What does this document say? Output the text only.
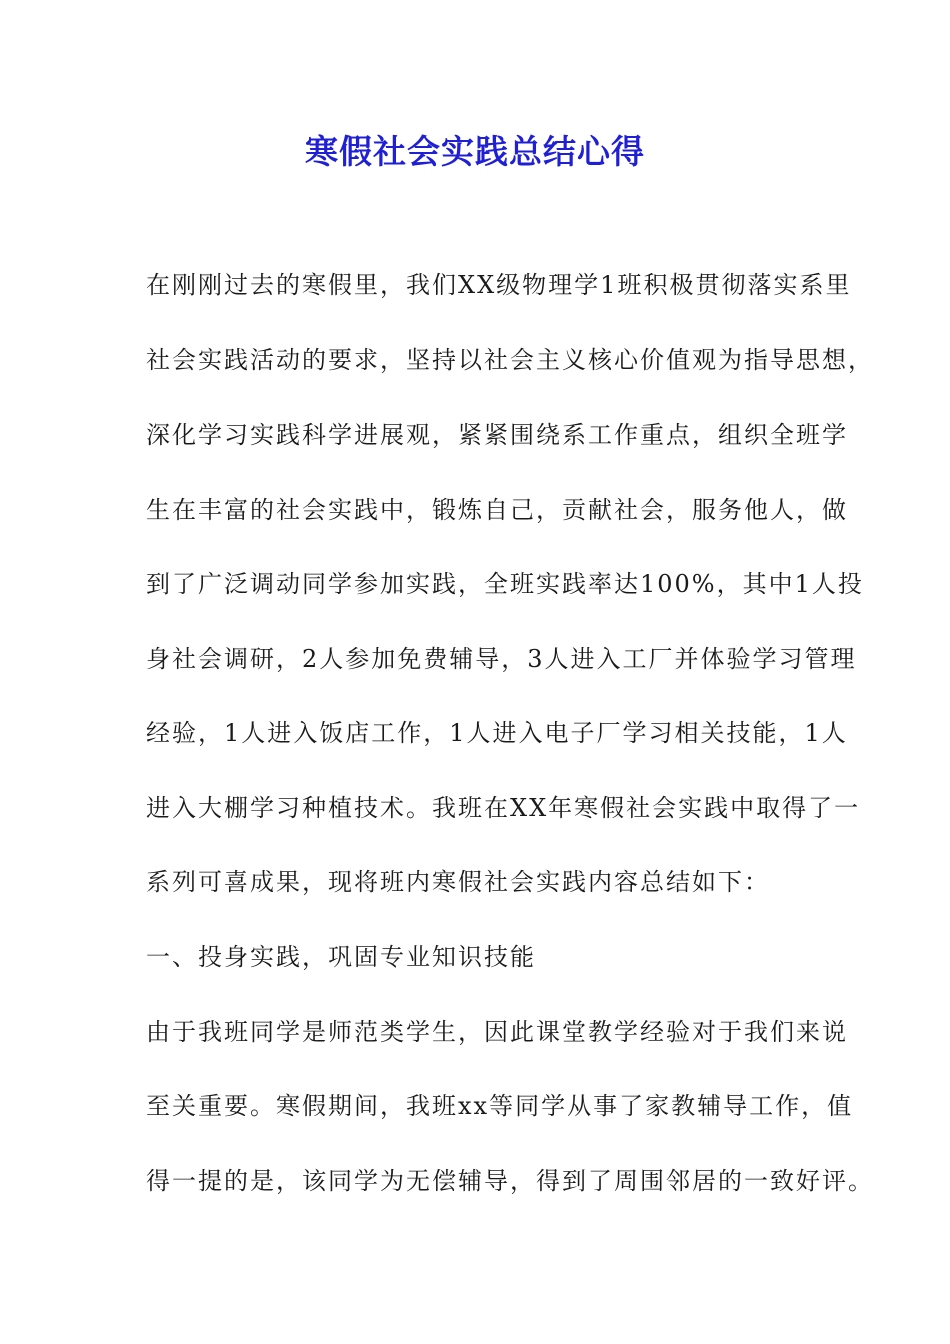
寒假社会实践总结心得
在刚刚过去的寒假里，我们XX级物理学1班积极贯彻落实系里
社会实践活动的要求，坚持以社会主义核心价值观为指导思想，
深化学习实践科学进展观，紧紧围绕系工作重点，组织全班学
生在丰富的社会实践中，锻炼自己，贡献社会，服务他人，做
到了广泛调动同学参加实践，全班实践率达100%，其中1人投
身社会调研，2人参加免费辅导，3人进入工厂并体验学习管理
经验，1人进入饭店工作，1人进入电子厂学习相关技能，1人
进入大棚学习种植技术。我班在XX年寒假社会实践中取得了一
系列可喜成果，现将班内寒假社会实践内容总结如下：
一、投身实践，巩固专业知识技能
由于我班同学是师范类学生，因此课堂教学经验对于我们来说
至关重要。寒假期间，我班xx等同学从事了家教辅导工作，值
得一提的是，该同学为无偿辅导，得到了周围邻居的一致好评。
